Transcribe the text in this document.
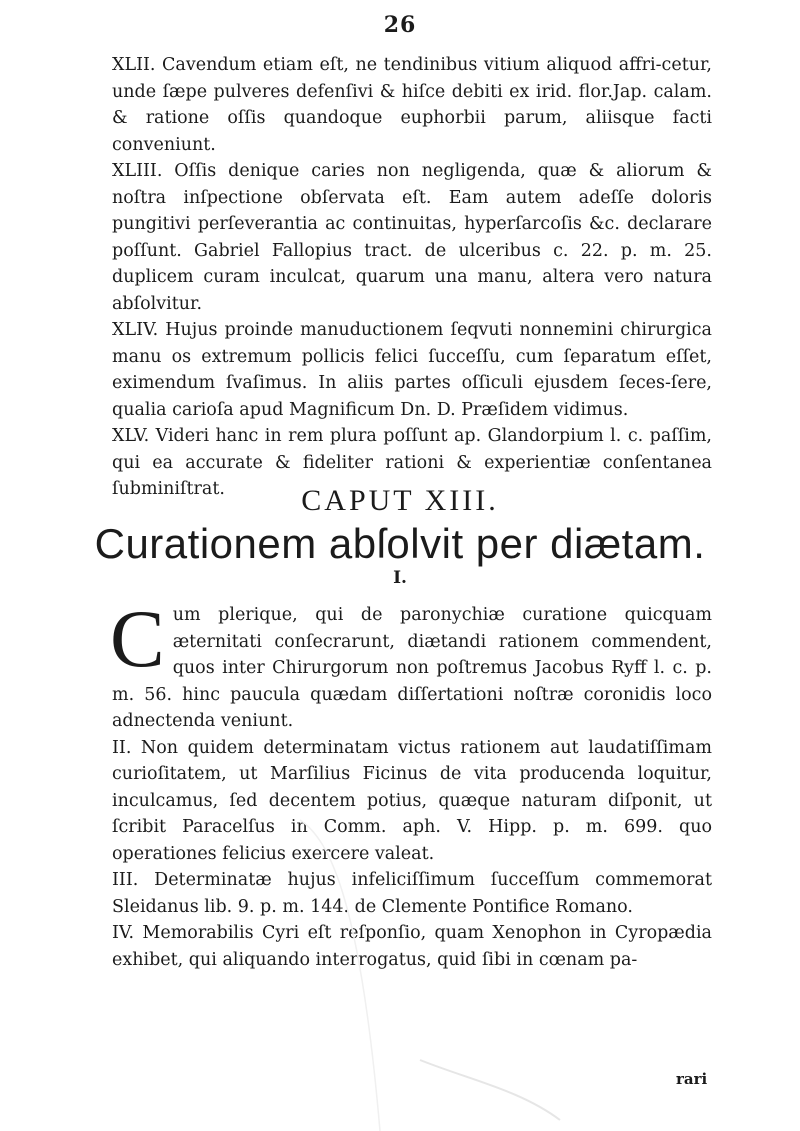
26

XLII. Cavendum etiam eſt, ne tendinibus vitium aliquod affri-cetur, unde ſæpe pulveres defenſivi & hiſce debiti ex irid. flor.Jap. calam. & ratione oſſis quandoque euphorbii parum, aliisque facti conveniunt.

XLIII. Oſſis denique caries non negligenda, quæ & aliorum & noſtra inſpectione obſervata eſt. Eam autem adeſſe doloris pungitivi perſeverantia ac continuitas, hyperſarcoſis &c. declarare poſſunt. Gabriel Fallopius tract. de ulceribus c. 22. p. m. 25. duplicem curam inculcat, quarum una manu, altera vero natura abſolvitur.

XLIV. Hujus proinde manuductionem ſeqvuti nonnemini chirurgica manu os extremum pollicis felici ſucceſſu, cum ſeparatum eſſet, eximendum ſvaſimus. In aliis partes oſſiculi ejusdem ſeces-ſere, qualia carioſa apud Magnificum Dn. D. Præſidem vidimus.

XLV. Videri hanc in rem plura poſſunt ap. Glandorpium l. c. paſſim, qui ea accurate & fideliter rationi & experientiæ conſentanea ſubminiſtrat.	CAPUT XIII.
Curationem abſolvit per diætam.
I.

Cum plerique, qui de paronychiæ curatione quicquam æternitati conſecrarunt, diætandi rationem commendent, quos inter Chirurgorum non poſtremus Jacobus Ryff l. c. p. m. 56. hinc paucula quædam diſſertationi noſtræ coronidis loco adnectenda veniunt.

II. Non quidem determinatam victus rationem aut laudatiſſimam curioſitatem, ut Marſilius Ficinus de vita producenda loquitur, inculcamus, ſed decentem potius, quæque naturam diſponit, ut ſcribit Paracelſus in Comm. aph. V. Hipp. p. m. 699. quo operationes felicius exercere valeat.

III. Determinatæ hujus infeliciſſimum ſucceſſum commemorat Sleidanus lib. 9. p. m. 144. de Clemente Pontifice Romano.

IV. Memorabilis Cyri eſt reſponſio, quam Xenophon in Cyropædia exhibet, qui aliquando interrogatus, quid ſibi in cœnam pa-

rari
